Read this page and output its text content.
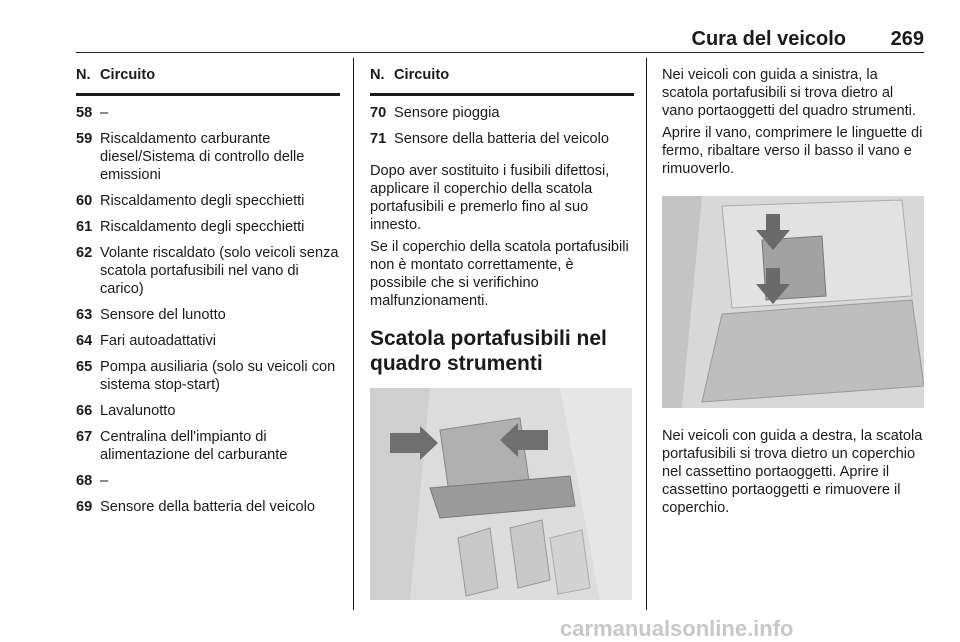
Cura del veicolo 269
N. Circuito
58 –
59 Riscaldamento carburante diesel/Sistema di controllo delle emissioni
60 Riscaldamento degli specchietti
61 Riscaldamento degli specchietti
62 Volante riscaldato (solo veicoli senza scatola portafusibili nel vano di carico)
63 Sensore del lunotto
64 Fari autoadattativi
65 Pompa ausiliaria (solo su veicoli con sistema stop-start)
66 Lavalunotto
67 Centralina dell'impianto di alimentazione del carburante
68 –
69 Sensore della batteria del veicolo
N. Circuito
70 Sensore pioggia
71 Sensore della batteria del veicolo

Dopo aver sostituito i fusibili difettosi, applicare il coperchio della scatola portafusibili e premerlo fino al suo innesto.

Se il coperchio della scatola portafusibili non è montato correttamente, è possibile che si verifichino malfunzionamenti.

Scatola portafusibili nel quadro strumenti

Nei veicoli con guida a sinistra, la scatola portafusibili si trova dietro al vano portaoggetti del quadro strumenti.

Aprire il vano, comprimere le linguette di fermo, ribaltare verso il basso il vano e rimuoverlo.

Nei veicoli con guida a destra, la scatola portafusibili si trova dietro un coperchio nel cassettino portaoggetti. Aprire il cassettino portaoggetti e rimuovere il coperchio.

carmanualsonline.info
